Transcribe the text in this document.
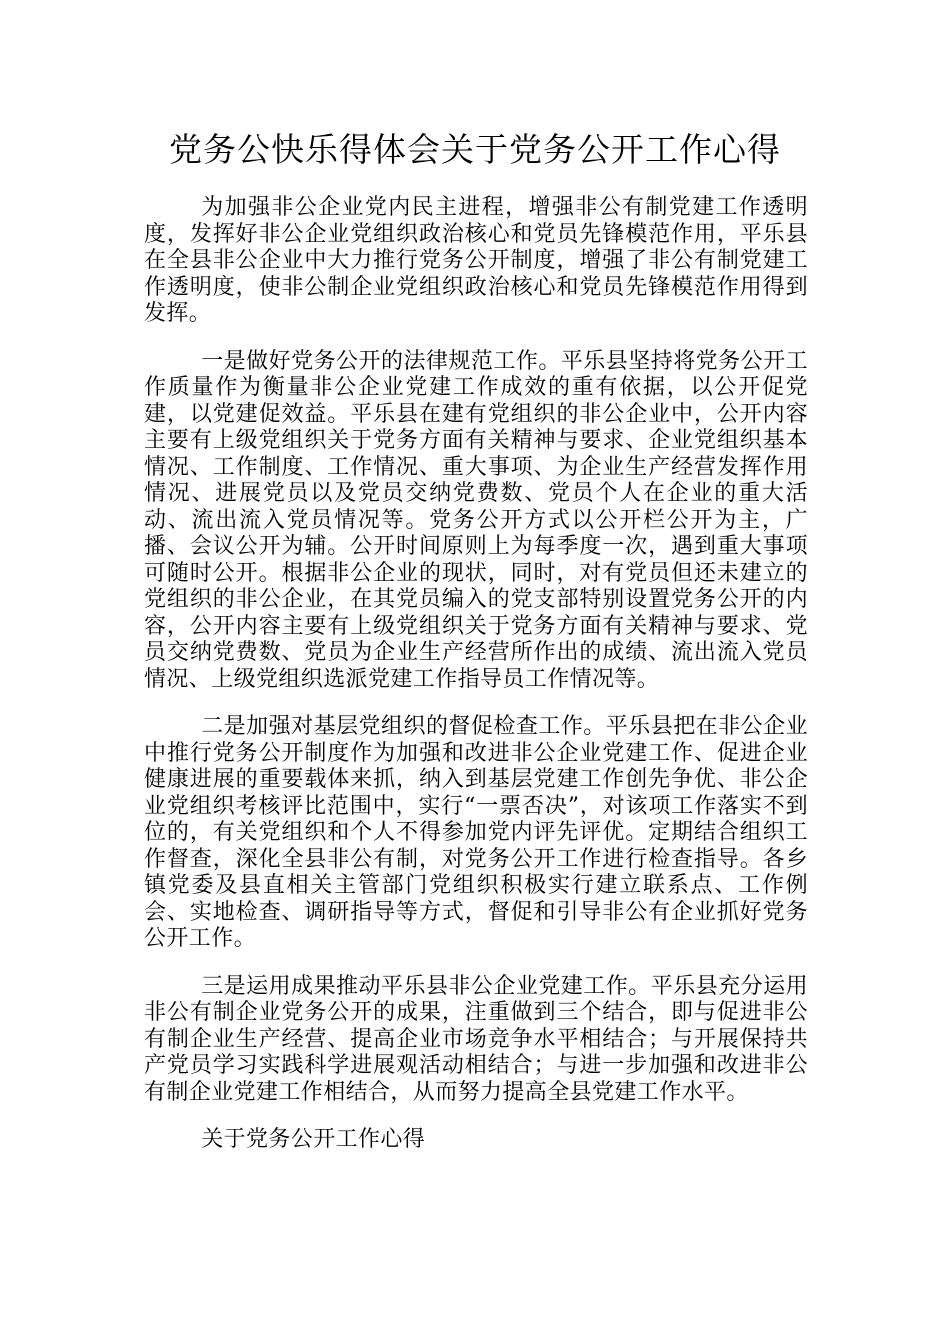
党务公快乐得体会关于党务公开工作心得

为加强非公企业党内民主进程，增强非公有制党建工作透明度，发挥好非公企业党组织政治核心和党员先锋模范作用，平乐县在全县非公企业中大力推行党务公开制度，增强了非公有制党建工作透明度，使非公制企业党组织政治核心和党员先锋模范作用得到发挥。

一是做好党务公开的法律规范工作。平乐县坚持将党务公开工作质量作为衡量非公企业党建工作成效的重有依据，以公开促党建，以党建促效益。平乐县在建有党组织的非公企业中，公开内容主要有上级党组织关于党务方面有关精神与要求、企业党组织基本情况、工作制度、工作情况、重大事项、为企业生产经营发挥作用情况、进展党员以及党员交纳党费数、党员个人在企业的重大活动、流出流入党员情况等。党务公开方式以公开栏公开为主，广播、会议公开为辅。公开时间原则上为每季度一次，遇到重大事项可随时公开。根据非公企业的现状，同时，对有党员但还未建立的党组织的非公企业，在其党员编入的党支部特别设置党务公开的内容，公开内容主要有上级党组织关于党务方面有关精神与要求、党员交纳党费数、党员为企业生产经营所作出的成绩、流出流入党员情况、上级党组织选派党建工作指导员工作情况等。

二是加强对基层党组织的督促检查工作。平乐县把在非公企业中推行党务公开制度作为加强和改进非公企业党建工作、促进企业健康进展的重要载体来抓，纳入到基层党建工作创先争优、非公企业党组织考核评比范围中，实行“一票否决”，对该项工作落实不到位的，有关党组织和个人不得参加党内评先评优。定期结合组织工作督查，深化全县非公有制，对党务公开工作进行检查指导。各乡镇党委及县直相关主管部门党组织积极实行建立联系点、工作例会、实地检查、调研指导等方式，督促和引导非公有企业抓好党务公开工作。

三是运用成果推动平乐县非公企业党建工作。平乐县充分运用非公有制企业党务公开的成果，注重做到三个结合，即与促进非公有制企业生产经营、提高企业市场竞争水平相结合；与开展保持共产党员学习实践科学进展观活动相结合；与进一步加强和改进非公有制企业党建工作相结合，从而努力提高全县党建工作水平。

关于党务公开工作心得
